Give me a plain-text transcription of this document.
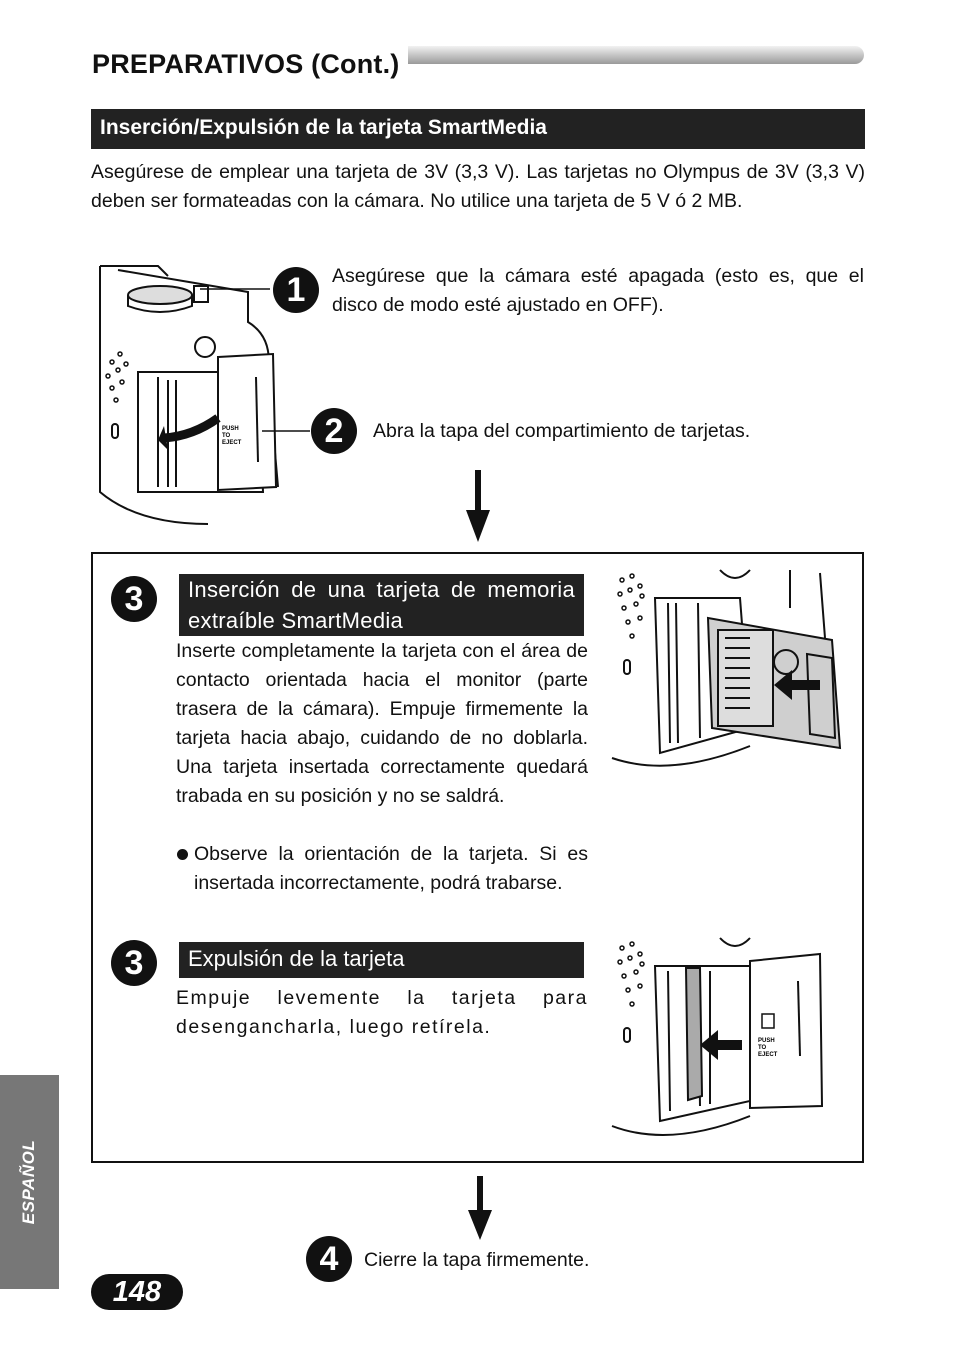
PREPARATIVOS (Cont.)
Inserción/Expulsión de la tarjeta SmartMedia
Asegúrese de emplear una tarjeta de 3V (3,3 V). Las tarjetas no Olympus de 3V (3,3 V) deben ser formateadas con la cámara. No utilice una tarjeta de 5 V ó 2 MB.
PUSH
TO
EJECT
1	Asegúrese que la cámara esté apagada (esto es, que el disco de modo esté ajustado en OFF).
2	Abra la tapa del compartimiento de tarjetas.
3	Inserción de una tarjeta de memoria extraíble SmartMedia
Inserte completamente la tarjeta con el área de contacto orientada hacia el monitor (parte trasera de la cámara). Empuje firmemente la tarjeta hacia abajo, cuidando de no doblarla. Una tarjeta insertada correctamente quedará trabada en su posición y no se saldrá.
Observe la orientación de la tarjeta. Si es insertada incorrectamente, podrá trabarse.
3	Expulsión de la tarjeta
Empuje levemente la tarjeta para desengancharla, luego retírela.
PUSH
TO
EJECT
4	Cierre la tapa firmemente.
ESPAÑOL
148
